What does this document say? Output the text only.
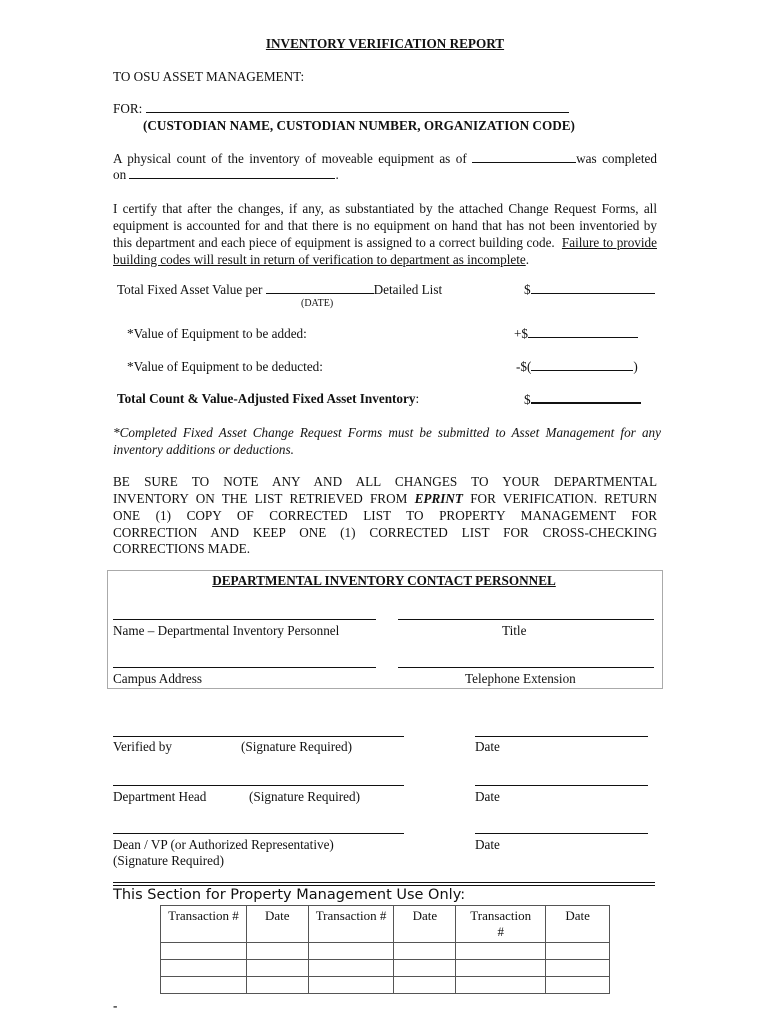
INVENTORY VERIFICATION REPORT
TO OSU ASSET MANAGEMENT:
FOR:
(CUSTODIAN NAME, CUSTODIAN NUMBER, ORGANIZATION CODE)
A physical count of the inventory of moveable equipment as of	was completed
on	.
I certify that after the changes, if any, as substantiated by the attached Change Request Forms, all equipment is accounted for and that there is no equipment on hand that has not been inventoried by this department and each piece of equipment is assigned to a correct building code. Failure to provide building codes will result in return of verification to department as incomplete.
Total Fixed Asset Value per	Detailed List
(DATE)
$
*Value of Equipment to be added:	+$
*Value of Equipment to be deducted:	-$(	)
Total Count & Value-Adjusted Fixed Asset Inventory:	$
*Completed Fixed Asset Change Request Forms must be submitted to Asset Management for any inventory additions or deductions.
BE SURE TO NOTE ANY AND ALL CHANGES TO YOUR DEPARTMENTAL
INVENTORY ON THE LIST RETRIEVED FROM EPRINT FOR VERIFICATION. RETURN
ONE (1) COPY OF CORRECTED LIST TO PROPERTY MANAGEMENT FOR
CORRECTION AND KEEP ONE (1) CORRECTED LIST FOR CROSS-CHECKING
CORRECTIONS MADE.
DEPARTMENTAL INVENTORY CONTACT PERSONNEL
Name – Departmental Inventory Personnel	Title
Campus Address	Telephone Extension
Verified by	(Signature Required)	Date
Department Head	(Signature Required)	Date
Dean / VP (or Authorized Representative)
(Signature Required)
Date
This Section for Property Management Use Only:
Transaction #	Date	Transaction #	Date	Transaction #	Date

-
